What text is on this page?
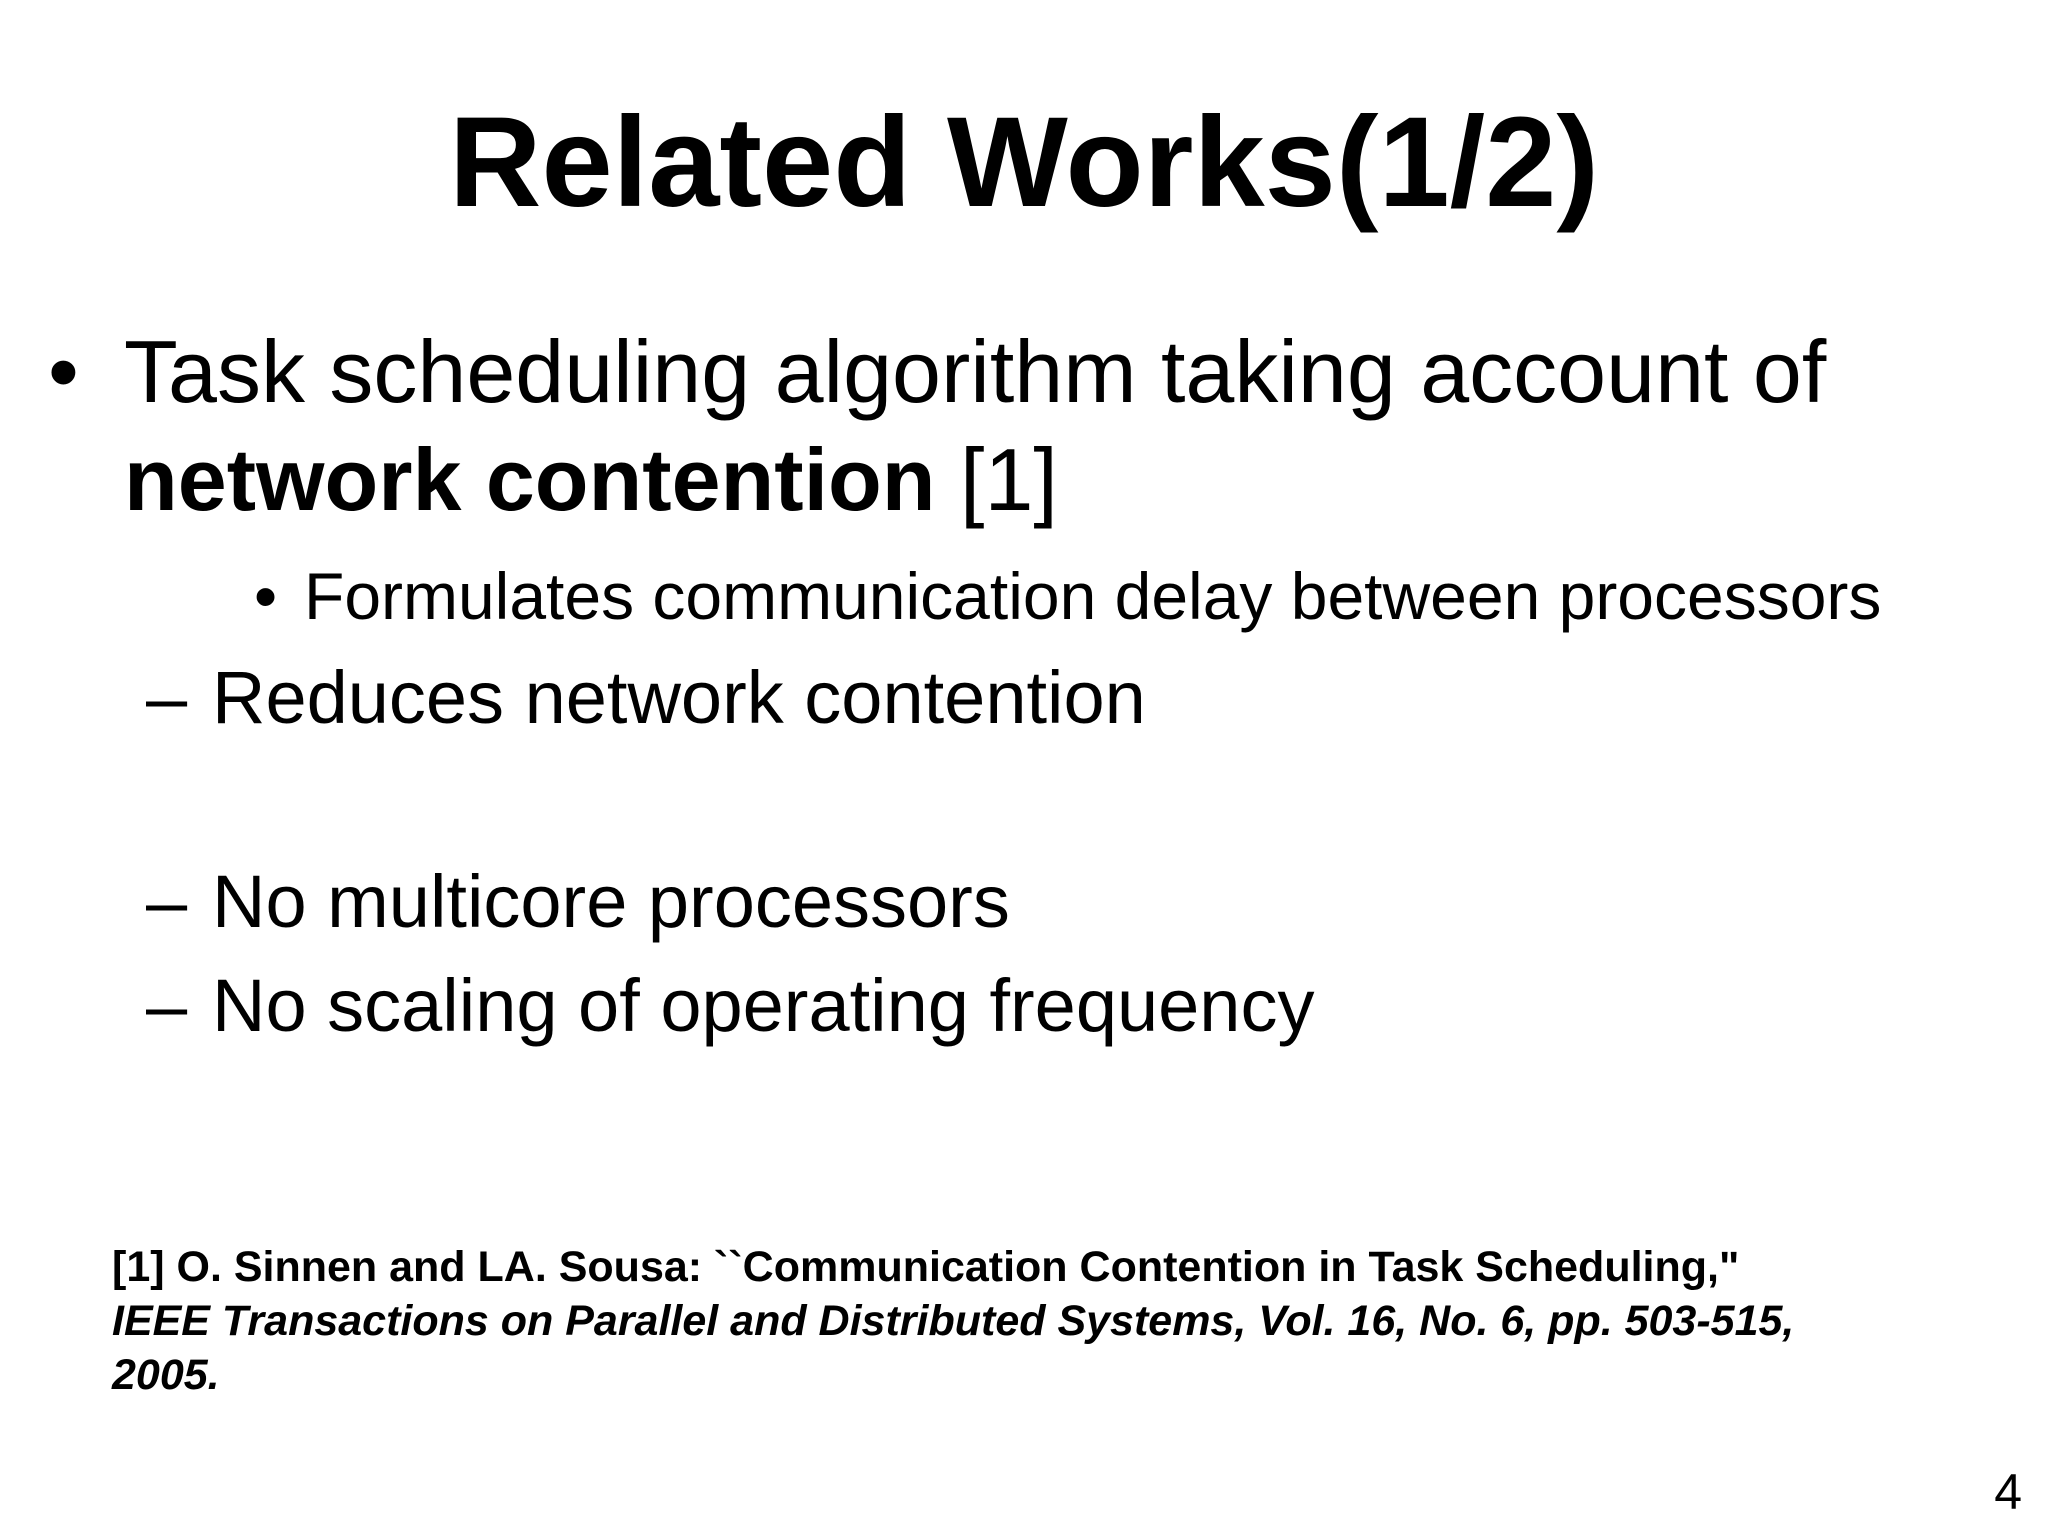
Related Works(1/2)
• Task scheduling algorithm taking account of
network contention [1]
• Formulates communication delay between processors
– Reduces network contention
– No multicore processors
– No scaling of operating frequency
[1] O. Sinnen and LA. Sousa: ``Communication Contention in Task Scheduling,"
IEEE Transactions on Parallel and Distributed Systems, Vol. 16, No. 6, pp. 503-515,
2005.
4
